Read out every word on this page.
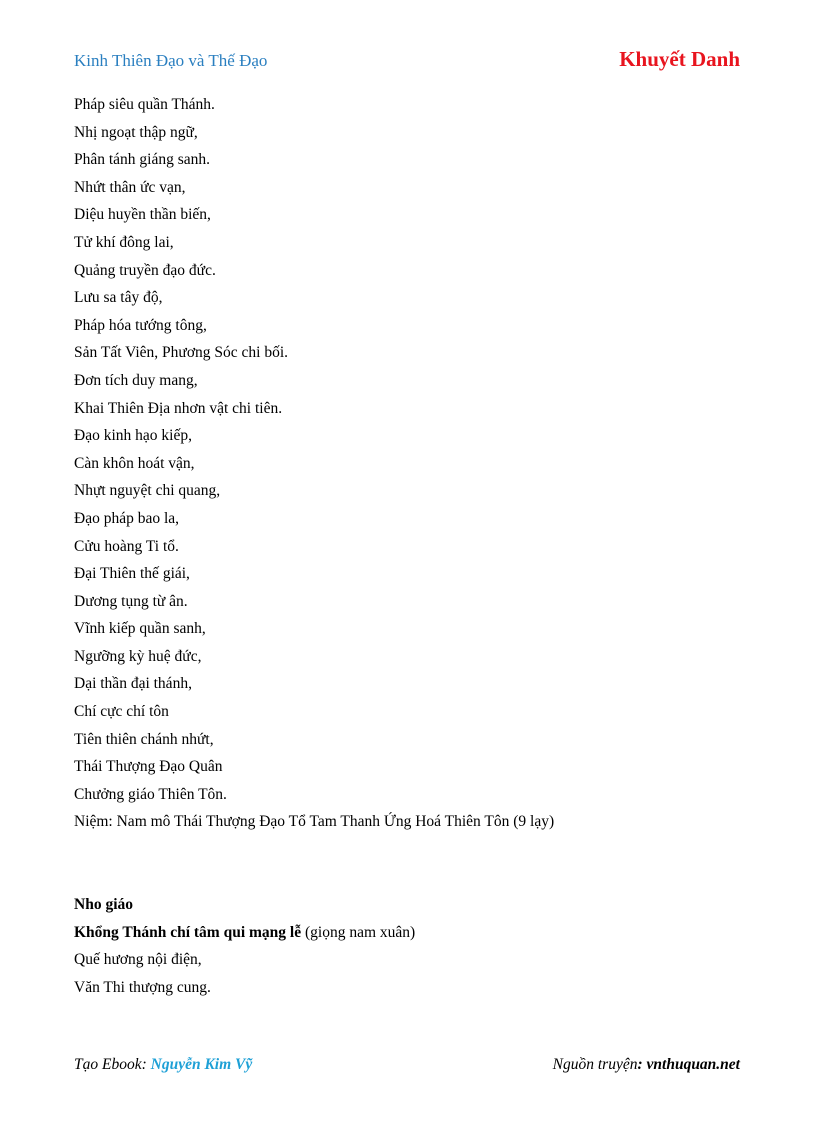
Kinh Thiên Đạo và Thế Đạo	Khuyết Danh
Pháp siêu quần Thánh.
Nhị ngoạt thập ngữ,
Phân tánh giáng sanh.
Nhứt thân ức vạn,
Diệu huyền thần biến,
Tử khí đông lai,
Quảng truyền đạo đức.
Lưu sa tây độ,
Pháp hóa tướng tông,
Sản Tất Viên, Phương Sóc chi bối.
Đơn tích duy mang,
Khai Thiên Địa nhơn vật chi tiên.
Đạo kinh hạo kiếp,
Càn khôn hoát vận,
Nhựt nguyệt chi quang,
Đạo pháp bao la,
Cửu hoàng Ti tổ.
Đại Thiên thế giái,
Dương tụng từ ân.
Vĩnh kiếp quần sanh,
Ngưỡng kỳ huệ đức,
Dại thần đại thánh,
Chí cực chí tôn
Tiên thiên chánh nhứt,
Thái Thượng Đạo Quân
Chưởng giáo Thiên Tôn.
Niệm: Nam mô Thái Thượng Đạo Tổ Tam Thanh Ứng Hoá Thiên Tôn (9 lạy)
Nho giáo
Khổng Thánh chí tâm qui mạng lễ (giọng nam xuân)
Quế hương nội điện,
Văn Thi thượng cung.
Tạo Ebook: Nguyễn Kim Vỹ	Nguồn truyện: vnthuquan.net
